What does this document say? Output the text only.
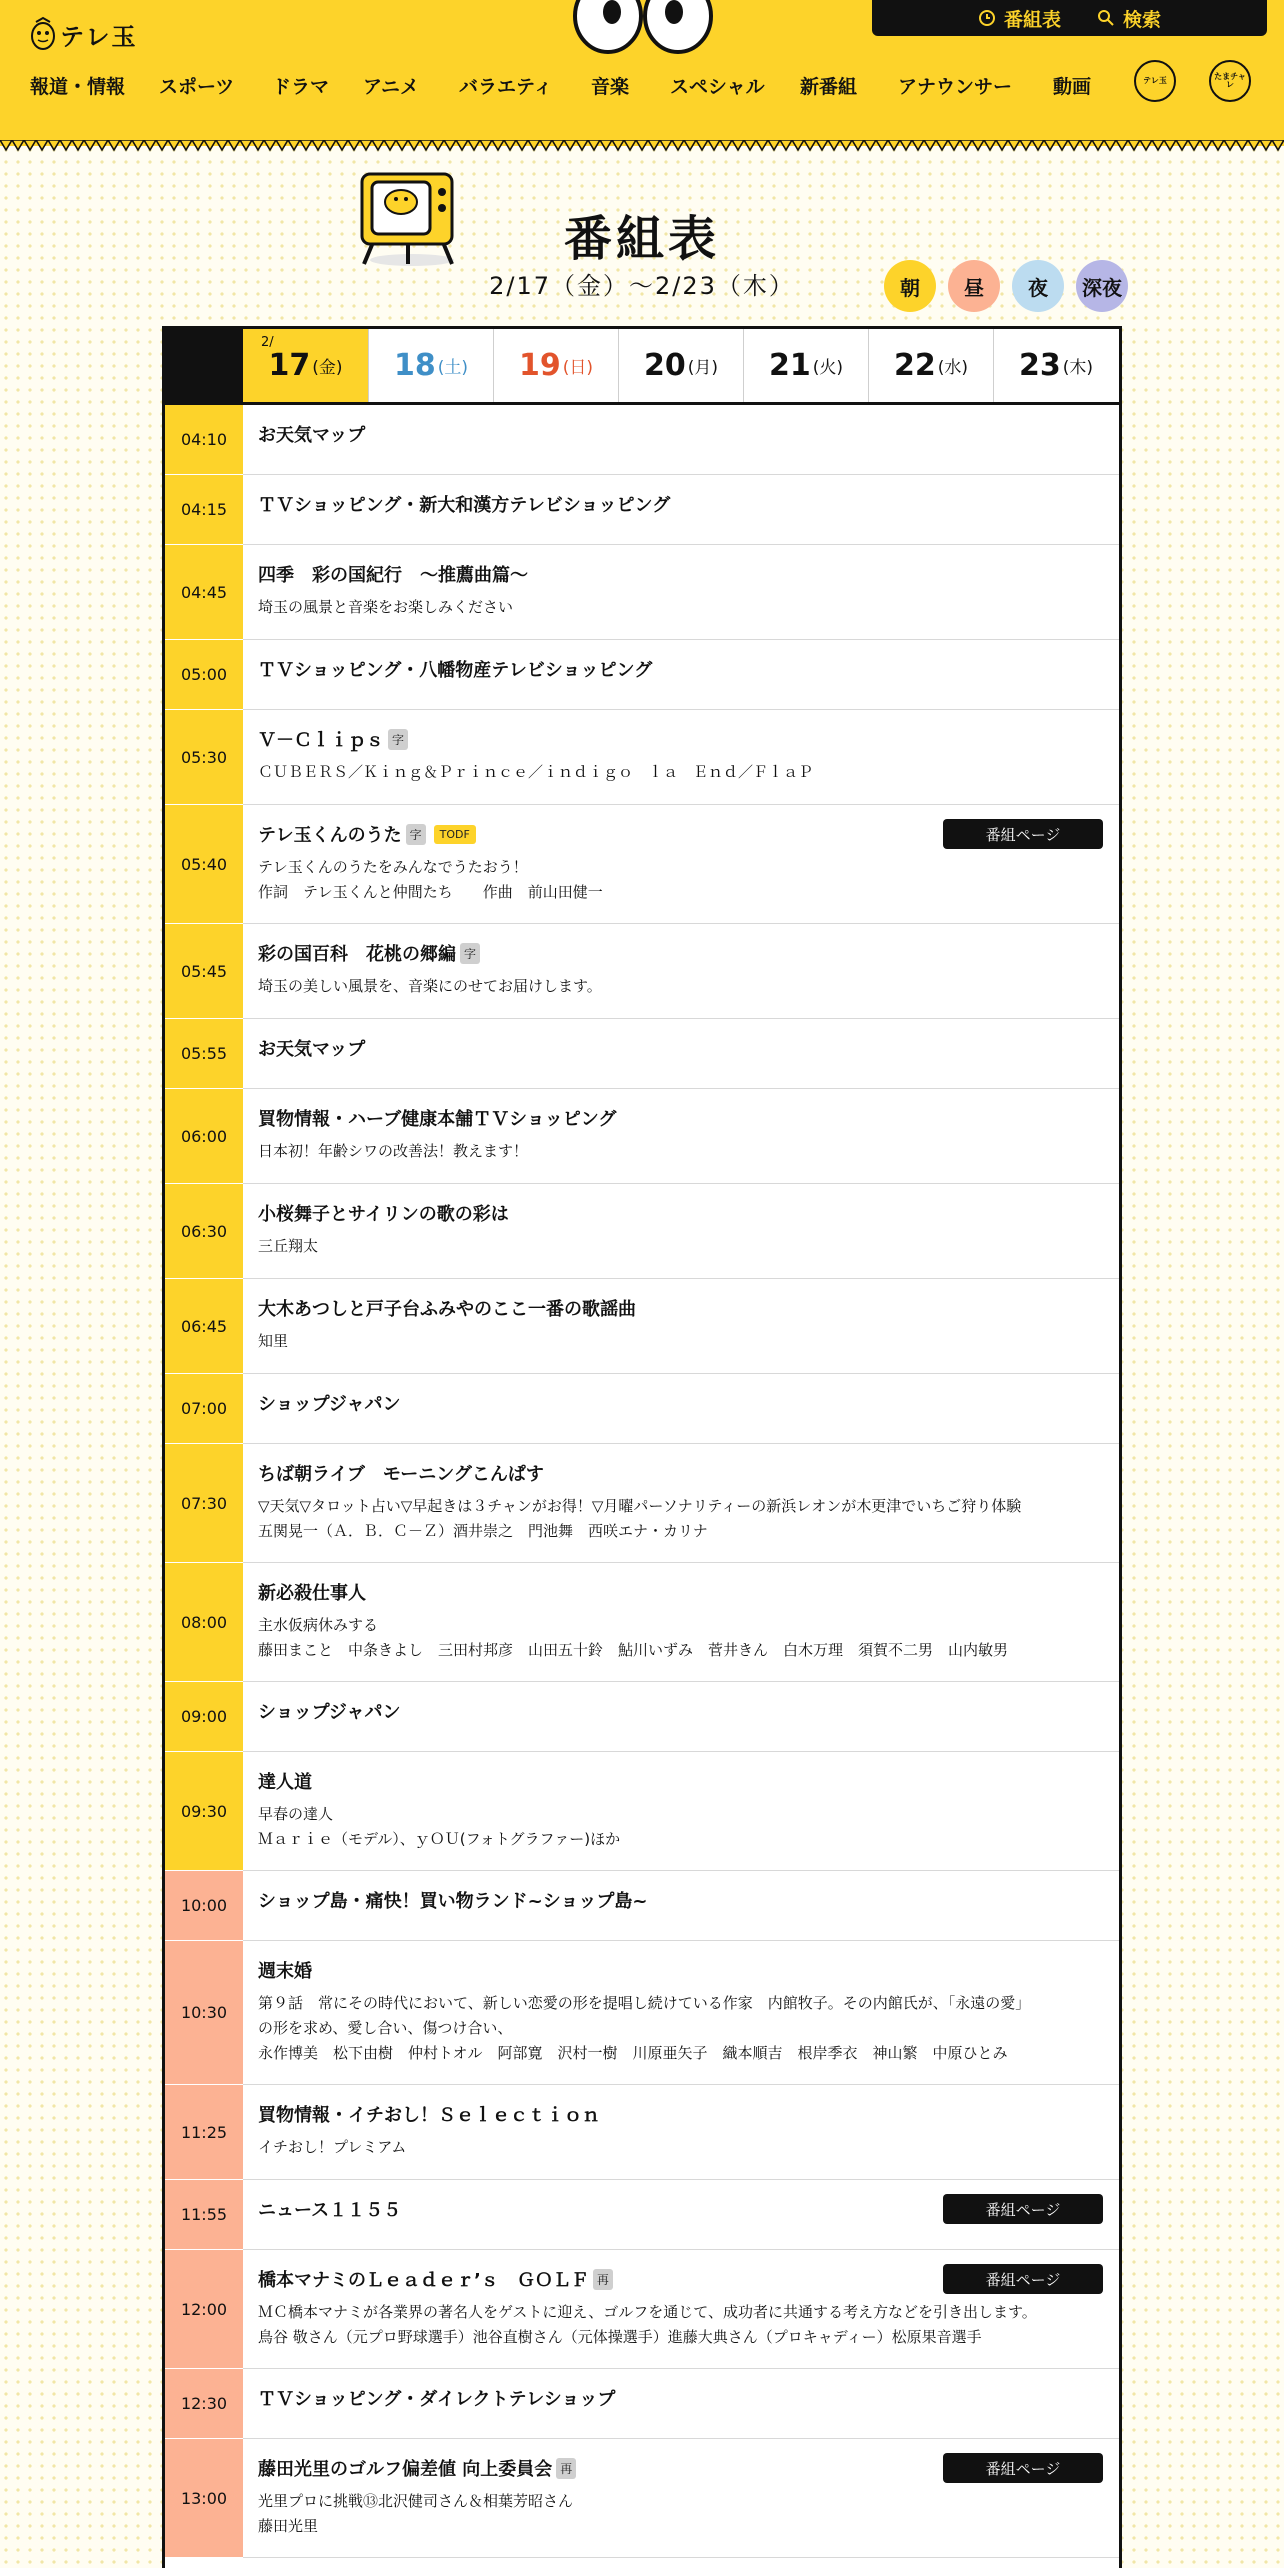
テレ玉
番組表	検索
報道・情報	スポーツ	ドラマ	アニメ	バラエティ	音楽	スペシャル	新番組	アナウンサー	動画	テレ玉	たまチャレ
番組表
2/17（金）〜2/23（木）	朝	昼	夜	深夜
2/
17 (金) 18 (土) 19 (日) 20 (月) 21 (火) 22 (水) 23 (木)
04:10	お天気マップ
04:15	ＴＶショッピング・新大和漢方テレビショッピング
04:45
四季　彩の国紀行　～推薦曲篇～
埼玉の風景と音楽をお楽しみください
05:00	ＴＶショッピング・八幡物産テレビショッピング
05:30
Ｖ－Ｃｌｉｐｓ 字
ＣＵＢＥＲＳ／Ｋｉｎｇ＆Ｐｒｉｎｃｅ／ｉｎｄｉｇｏ　ｌａ　Ｅｎｄ／ＦｌａＰ
05:40
テレ玉くんのうた 字	TODF
テレ玉くんのうたをみんなでうたおう！
作詞　テレ玉くんと仲間たち　　作曲　前山田健一
番組ページ
05:45
彩の国百科　花桃の郷編 字
埼玉の美しい風景を、音楽にのせてお届けします。
05:55	お天気マップ
06:00
買物情報・ハーブ健康本舗ＴＶショッピング
日本初！年齢シワの改善法！教えます！
06:30
小桜舞子とサイリンの歌の彩は
三丘翔太
06:45
大木あつしと戸子台ふみやのここ一番の歌謡曲
知里
07:00	ショップジャパン
07:30
ちば朝ライブ　モーニングこんぱす
▽天気▽タロット占い▽早起きは３チャンがお得！▽月曜パーソナリティーの新浜レオンが木更津でいちご狩り体験
五関晃一（Ａ．Ｂ．Ｃ－Ｚ）酒井崇之　門池舞　西咲エナ・カリナ
08:00
新必殺仕事人
主水仮病休みする
藤田まこと　中条きよし　三田村邦彦　山田五十鈴　鮎川いずみ　菅井きん　白木万理　須賀不二男　山内敏男
09:00	ショップジャパン
09:30
達人道
早春の達人
Ｍａｒｉｅ（モデル）、ｙＯＵ(フォトグラファー)ほか
10:00	ショップ島・痛快！買い物ランド~ショップ島~
10:30
週末婚
第９話　常にその時代において、新しい恋愛の形を提唱し続けている作家　内館牧子。その内館氏が、「永遠の愛」
の形を求め、愛し合い、傷つけ合い、
永作博美　松下由樹　仲村トオル　阿部寛　沢村一樹　川原亜矢子　織本順吉　根岸季衣　神山繁　中原ひとみ
11:25
買物情報・イチおし！Ｓｅｌｅｃｔｉｏｎ
イチおし！プレミアム
11:55	ニュース１１５５	番組ページ
12:00
橋本マナミのＬｅａｄｅｒ’ｓ　ＧＯＬＦ 再
ＭＣ橋本マナミが各業界の著名人をゲストに迎え、ゴルフを通じて、成功者に共通する考え方などを引き出します。
鳥谷 敬さん（元プロ野球選手）池谷直樹さん（元体操選手）進藤大典さん（プロキャディー）松原果音選手
番組ページ
12:30	ＴＶショッピング・ダイレクトテレショップ
13:00
藤田光里のゴルフ偏差値 向上委員会 再
光里プロに挑戦⑬北沢健司さん＆相葉芳昭さん
藤田光里
番組ページ
